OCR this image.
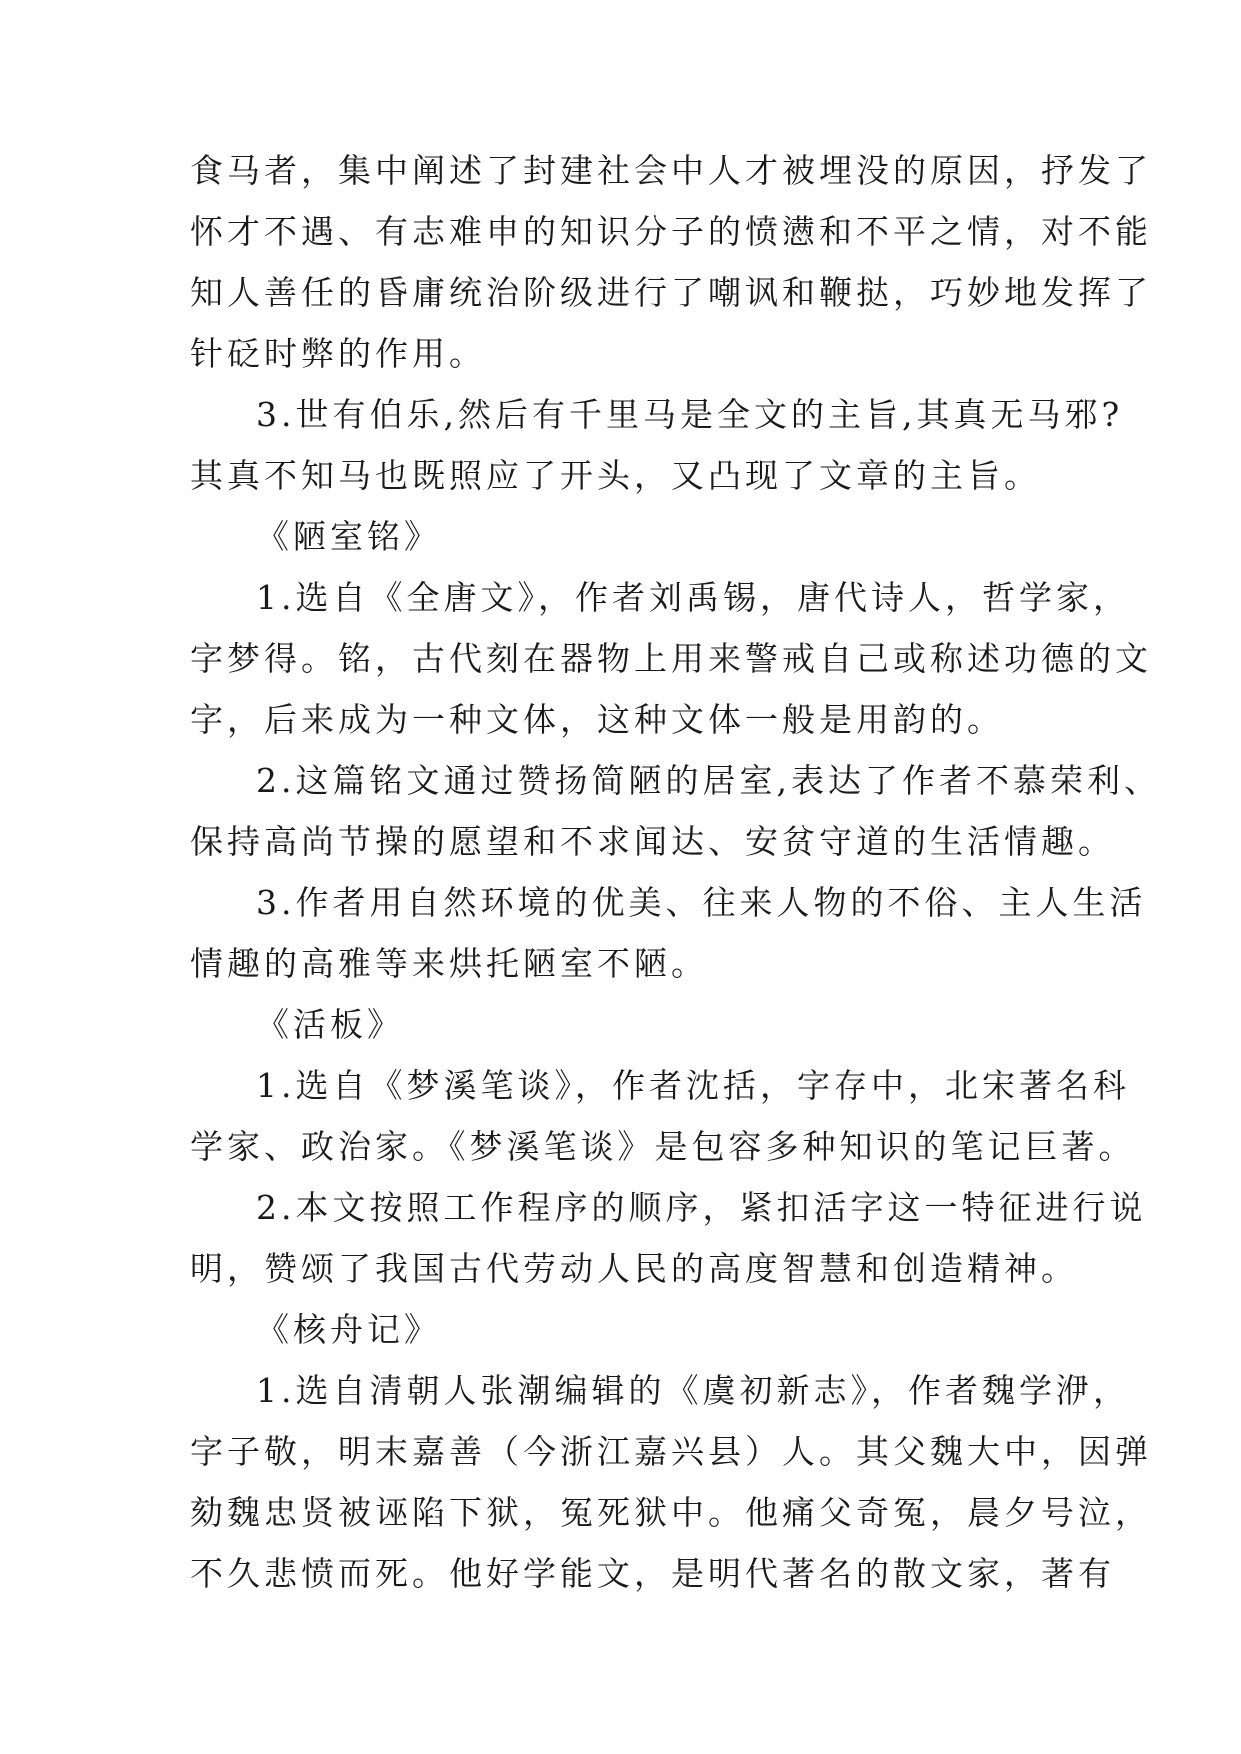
食马者，集中阐述了封建社会中人才被埋没的原因，抒发了
怀才不遇、有志难申的知识分子的愤懑和不平之情，对不能
知人善任的昏庸统治阶级进行了嘲讽和鞭挞，巧妙地发挥了
针砭时弊的作用。
3.世有伯乐,然后有千里马是全文的主旨,其真无马邪?
其真不知马也既照应了开头，又凸现了文章的主旨。
《陋室铭》
1.选自《全唐文》，作者刘禹锡，唐代诗人，哲学家，
字梦得。铭，古代刻在器物上用来警戒自己或称述功德的文
字，后来成为一种文体，这种文体一般是用韵的。
2.这篇铭文通过赞扬简陋的居室,表达了作者不慕荣利、
保持高尚节操的愿望和不求闻达、安贫守道的生活情趣。
3.作者用自然环境的优美、往来人物的不俗、主人生活
情趣的高雅等来烘托陋室不陋。
《活板》
1.选自《梦溪笔谈》，作者沈括，字存中，北宋著名科
学家、政治家。《梦溪笔谈》是包容多种知识的笔记巨著。
2.本文按照工作程序的顺序，紧扣活字这一特征进行说
明，赞颂了我国古代劳动人民的高度智慧和创造精神。
《核舟记》
1.选自清朝人张潮编辑的《虞初新志》，作者魏学洢，
字子敬，明末嘉善（今浙江嘉兴县）人。其父魏大中，因弹
劾魏忠贤被诬陷下狱，冤死狱中。他痛父奇冤，晨夕号泣，
不久悲愤而死。他好学能文，是明代著名的散文家，著有
